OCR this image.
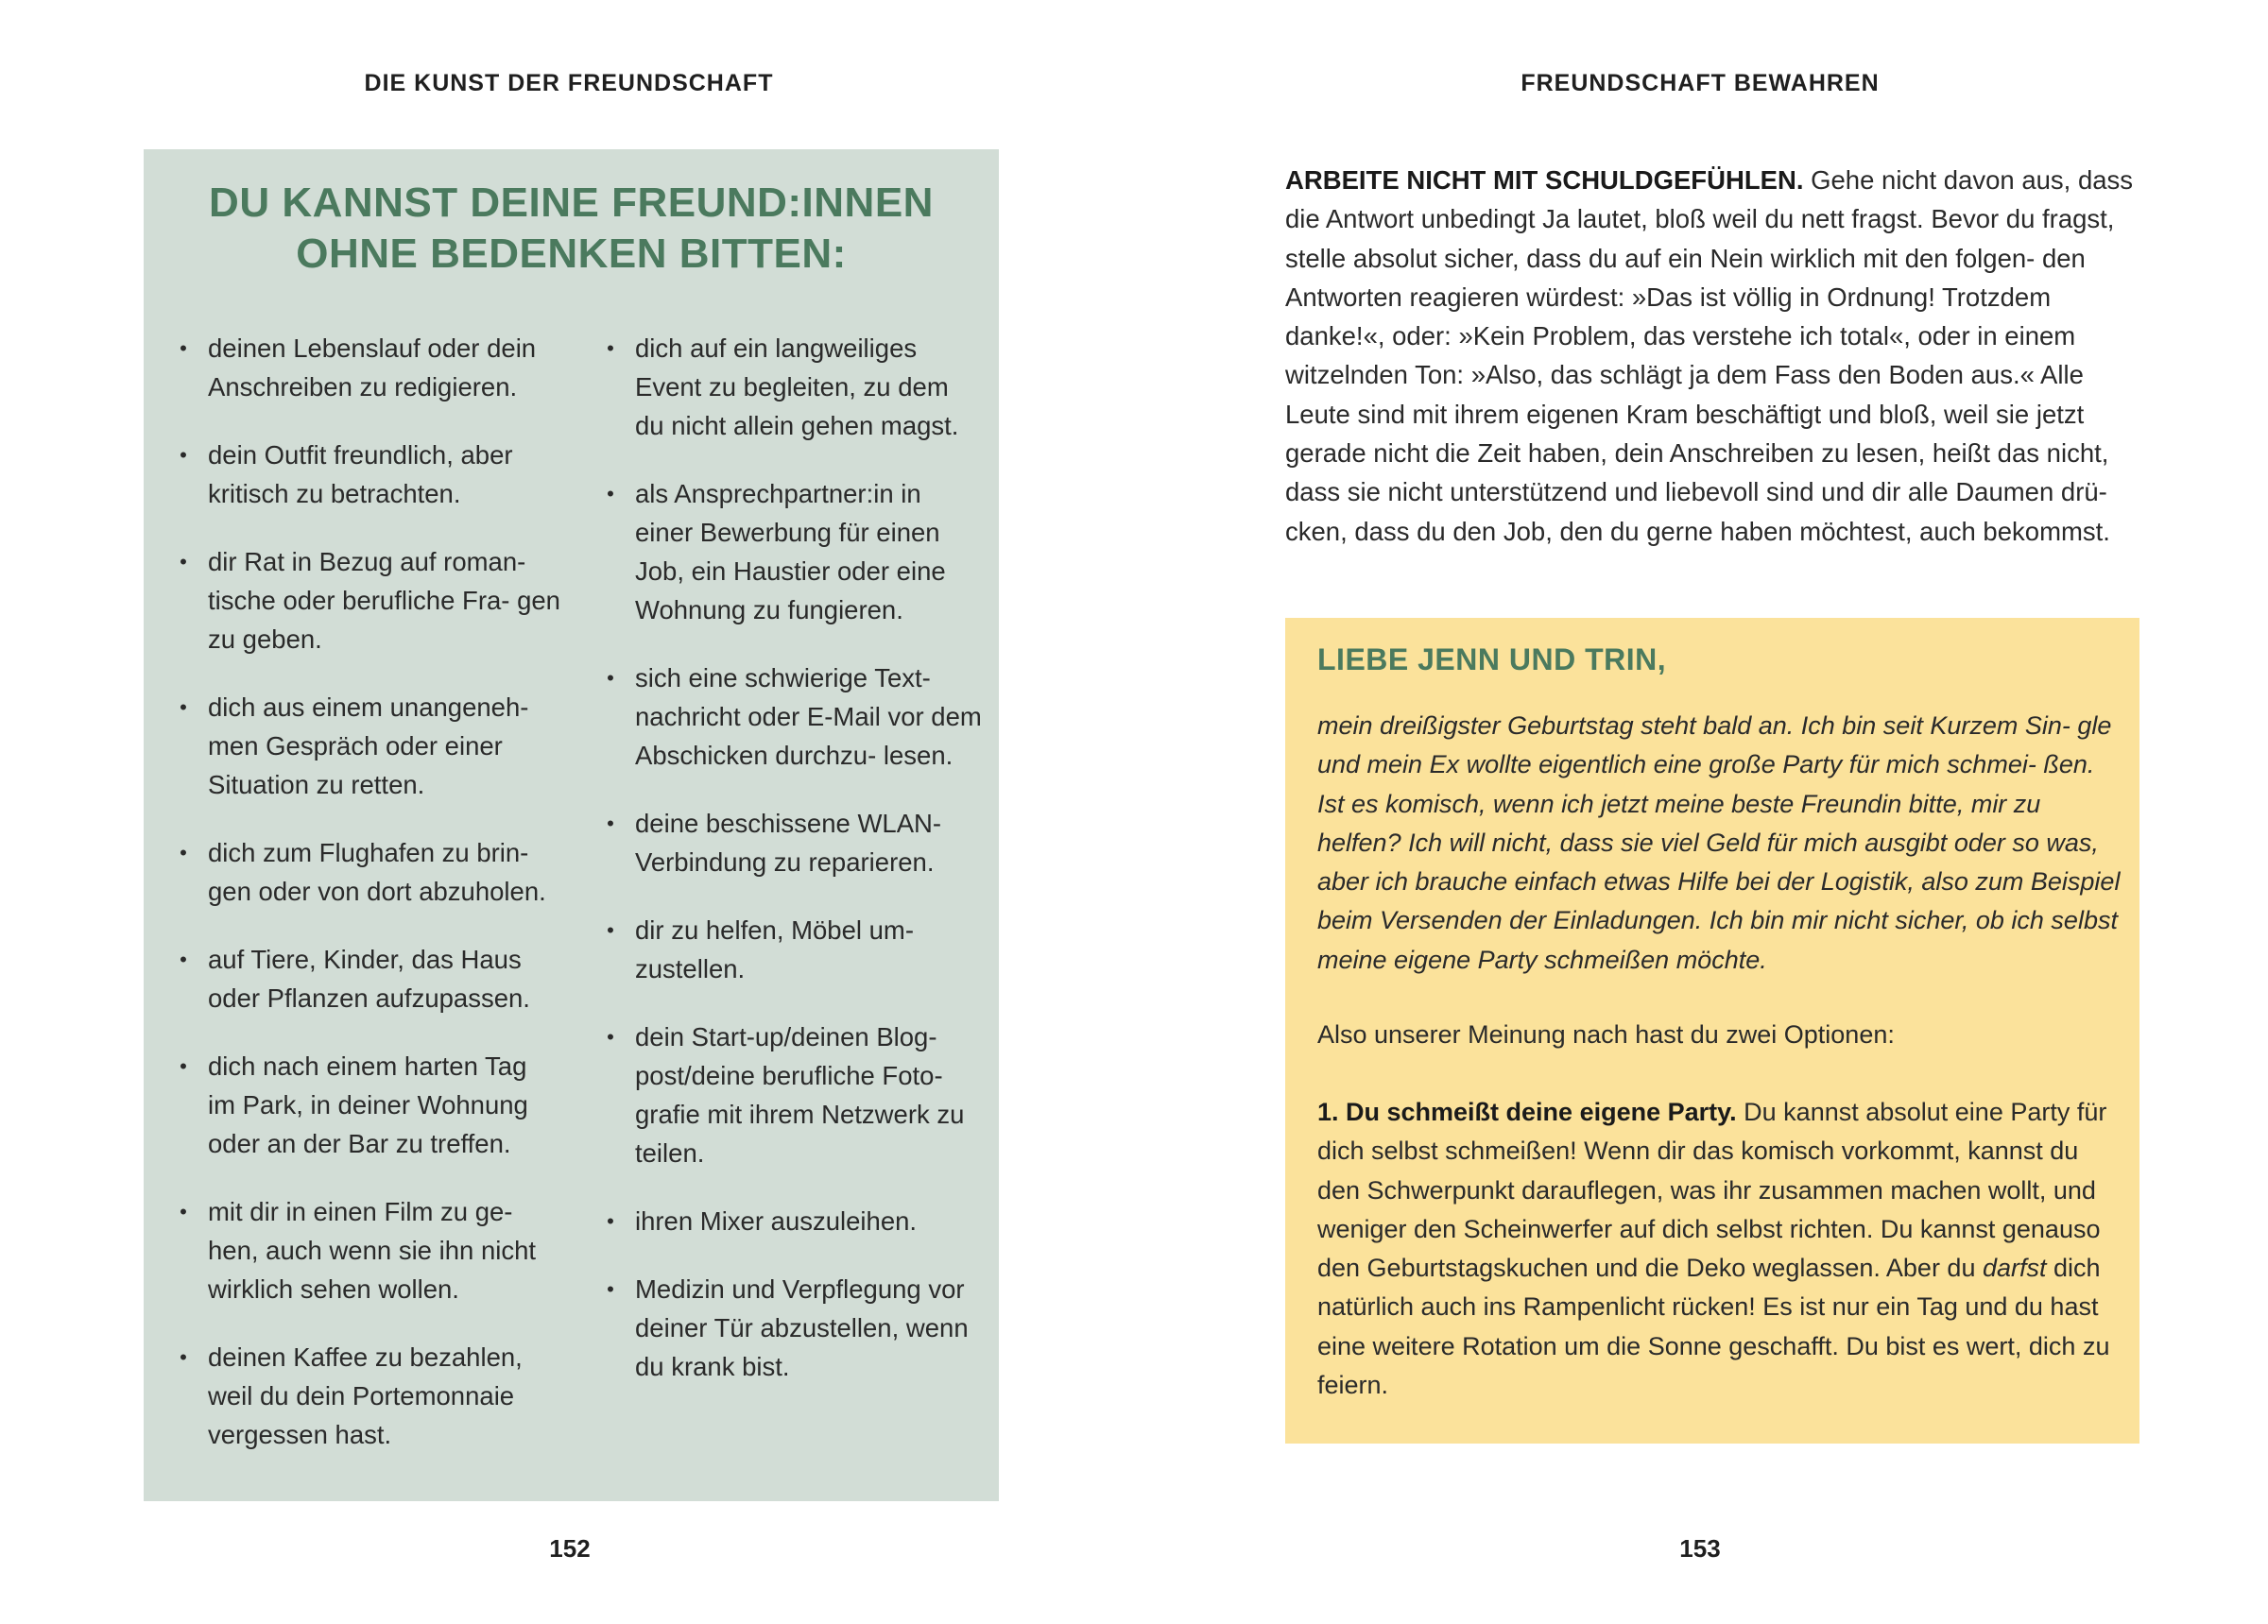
DIE KUNST DER FREUNDSCHAFT
DU KANNST DEINE FREUND:INNEN
OHNE BEDENKEN BITTEN:
• deinen Lebenslauf oder dein Anschreiben zu redigieren.
• dein Outfit freundlich, aber kritisch zu betrachten.
• dir Rat in Bezug auf roman- tische oder berufliche Fra- gen zu geben.
• dich aus einem unangeneh- men Gespräch oder einer Situation zu retten.
• dich zum Flughafen zu brin- gen oder von dort abzuholen.
• auf Tiere, Kinder, das Haus oder Pflanzen aufzupassen.
• dich nach einem harten Tag im Park, in deiner Wohnung oder an der Bar zu treffen.
• mit dir in einen Film zu ge- hen, auch wenn sie ihn nicht wirklich sehen wollen.
• deinen Kaffee zu bezahlen, weil du dein Portemonnaie vergessen hast.
• dich auf ein langweiliges Event zu begleiten, zu dem du nicht allein gehen magst.
• als Ansprechpartner:in in einer Bewerbung für einen Job, ein Haustier oder eine Wohnung zu fungieren.
• sich eine schwierige Text- nachricht oder E-Mail vor dem Abschicken durchzu- lesen.
• deine beschissene WLAN- Verbindung zu reparieren.
• dir zu helfen, Möbel um- zustellen.
• dein Start-up/deinen Blog- post/deine berufliche Foto- grafie mit ihrem Netzwerk zu teilen.
• ihren Mixer auszuleihen.
• Medizin und Verpflegung vor deiner Tür abzustellen, wenn du krank bist.
152
FREUNDSCHAFT BEWAHREN

ARBEITE NICHT MIT SCHULDGEFÜHLEN. Gehe nicht davon aus, dass die Antwort unbedingt Ja lautet, bloß weil du nett fragst. Bevor du fragst, stelle absolut sicher, dass du auf ein Nein wirklich mit den folgen- den Antworten reagieren würdest: »Das ist völlig in Ordnung! Trotzdem danke!«, oder: »Kein Problem, das verstehe ich total«, oder in einem witzelnden Ton: »Also, das schlägt ja dem Fass den Boden aus.« Alle Leute sind mit ihrem eigenen Kram beschäftigt und bloß, weil sie jetzt gerade nicht die Zeit haben, dein Anschreiben zu lesen, heißt das nicht, dass sie nicht unterstützend und liebevoll sind und dir alle Daumen drü- cken, dass du den Job, den du gerne haben möchtest, auch bekommst.

LIEBE JENN UND TRIN,

mein dreißigster Geburtstag steht bald an. Ich bin seit Kurzem Sin- gle und mein Ex wollte eigentlich eine große Party für mich schmei- ßen. Ist es komisch, wenn ich jetzt meine beste Freundin bitte, mir zu helfen? Ich will nicht, dass sie viel Geld für mich ausgibt oder so was, aber ich brauche einfach etwas Hilfe bei der Logistik, also zum Beispiel beim Versenden der Einladungen. Ich bin mir nicht sicher, ob ich selbst meine eigene Party schmeißen möchte.

Also unserer Meinung nach hast du zwei Optionen:

1. Du schmeißt deine eigene Party. Du kannst absolut eine Party für dich selbst schmeißen! Wenn dir das komisch vorkommt, kannst du den Schwerpunkt darauflegen, was ihr zusammen machen wollt, und weniger den Scheinwerfer auf dich selbst richten. Du kannst genauso den Geburtstagskuchen und die Deko weglassen. Aber du darfst dich natürlich auch ins Rampenlicht rücken! Es ist nur ein Tag und du hast eine weitere Rotation um die Sonne geschafft. Du bist es wert, dich zu feiern.

153
